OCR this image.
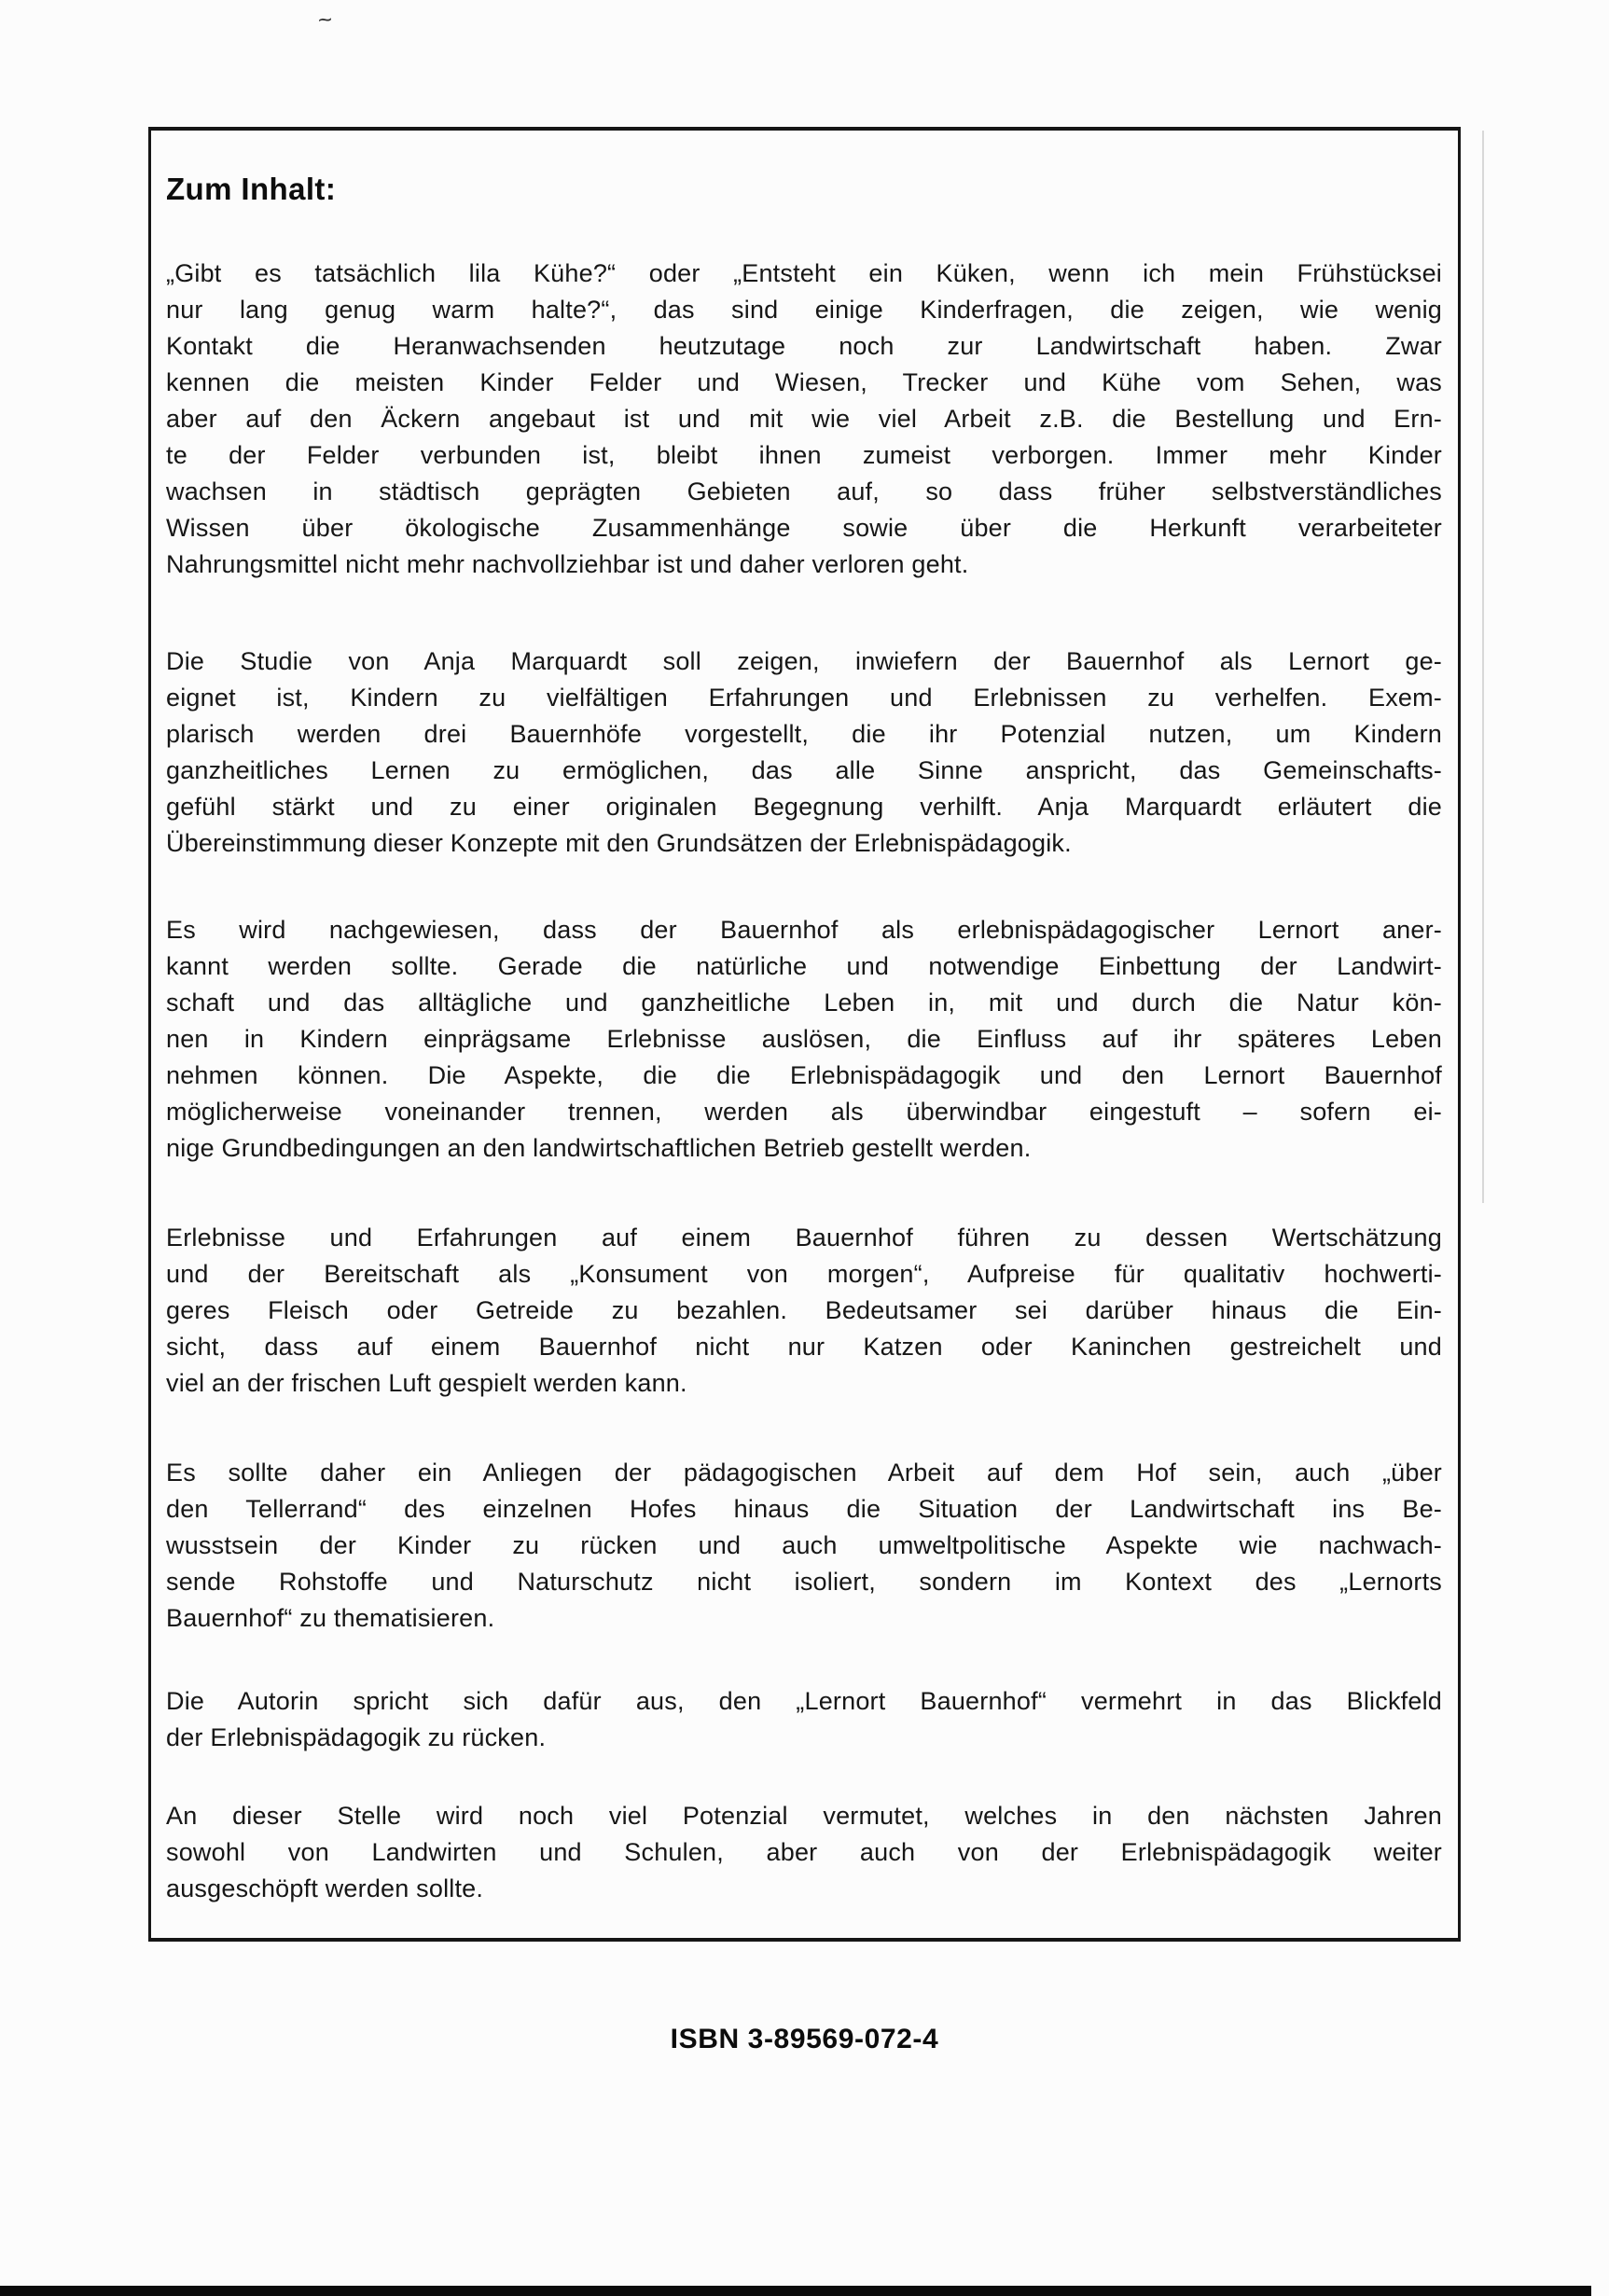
~
Zum Inhalt:
„Gibt es tatsächlich lila Kühe?“ oder „Entsteht ein Küken, wenn ich mein Frühstücksei
nur lang genug warm halte?“, das sind einige Kinderfragen, die zeigen, wie wenig
Kontakt die Heranwachsenden heutzutage noch zur Landwirtschaft haben. Zwar
kennen die meisten Kinder Felder und Wiesen, Trecker und Kühe vom Sehen, was
aber auf den Äckern angebaut ist und mit wie viel Arbeit z.B. die Bestellung und Ern-
te der Felder verbunden ist, bleibt ihnen zumeist verborgen. Immer mehr Kinder
wachsen in städtisch geprägten Gebieten auf, so dass früher selbstverständliches
Wissen über ökologische Zusammenhänge sowie über die Herkunft verarbeiteter
Nahrungsmittel nicht mehr nachvollziehbar ist und daher verloren geht.
Die Studie von Anja Marquardt soll zeigen, inwiefern der Bauernhof als Lernort ge-
eignet ist, Kindern zu vielfältigen Erfahrungen und Erlebnissen zu verhelfen. Exem-
plarisch werden drei Bauernhöfe vorgestellt, die ihr Potenzial nutzen, um Kindern
ganzheitliches Lernen zu ermöglichen, das alle Sinne anspricht, das Gemeinschafts-
gefühl stärkt und zu einer originalen Begegnung verhilft. Anja Marquardt erläutert die
Übereinstimmung dieser Konzepte mit den Grundsätzen der Erlebnispädagogik.
Es wird nachgewiesen, dass der Bauernhof als erlebnispädagogischer Lernort aner-
kannt werden sollte. Gerade die natürliche und notwendige Einbettung der Landwirt-
schaft und das alltägliche und ganzheitliche Leben in, mit und durch die Natur kön-
nen in Kindern einprägsame Erlebnisse auslösen, die Einfluss auf ihr späteres Leben
nehmen können. Die Aspekte, die die Erlebnispädagogik und den Lernort Bauernhof
möglicherweise voneinander trennen, werden als überwindbar eingestuft – sofern ei-
nige Grundbedingungen an den landwirtschaftlichen Betrieb gestellt werden.
Erlebnisse und Erfahrungen auf einem Bauernhof führen zu dessen Wertschätzung
und der Bereitschaft als „Konsument von morgen“, Aufpreise für qualitativ hochwerti-
geres Fleisch oder Getreide zu bezahlen. Bedeutsamer sei darüber hinaus die Ein-
sicht, dass auf einem Bauernhof nicht nur Katzen oder Kaninchen gestreichelt und
viel an der frischen Luft gespielt werden kann.
Es sollte daher ein Anliegen der pädagogischen Arbeit auf dem Hof sein, auch „über
den Tellerrand“ des einzelnen Hofes hinaus die Situation der Landwirtschaft ins Be-
wusstsein der Kinder zu rücken und auch umweltpolitische Aspekte wie nachwach-
sende Rohstoffe und Naturschutz nicht isoliert, sondern im Kontext des „Lernorts
Bauernhof“ zu thematisieren.
Die Autorin spricht sich dafür aus, den „Lernort Bauernhof“ vermehrt in das Blickfeld
der Erlebnispädagogik zu rücken.
An dieser Stelle wird noch viel Potenzial vermutet, welches in den nächsten Jahren
sowohl von Landwirten und Schulen, aber auch von der Erlebnispädagogik weiter
ausgeschöpft werden sollte.
ISBN 3-89569-072-4
